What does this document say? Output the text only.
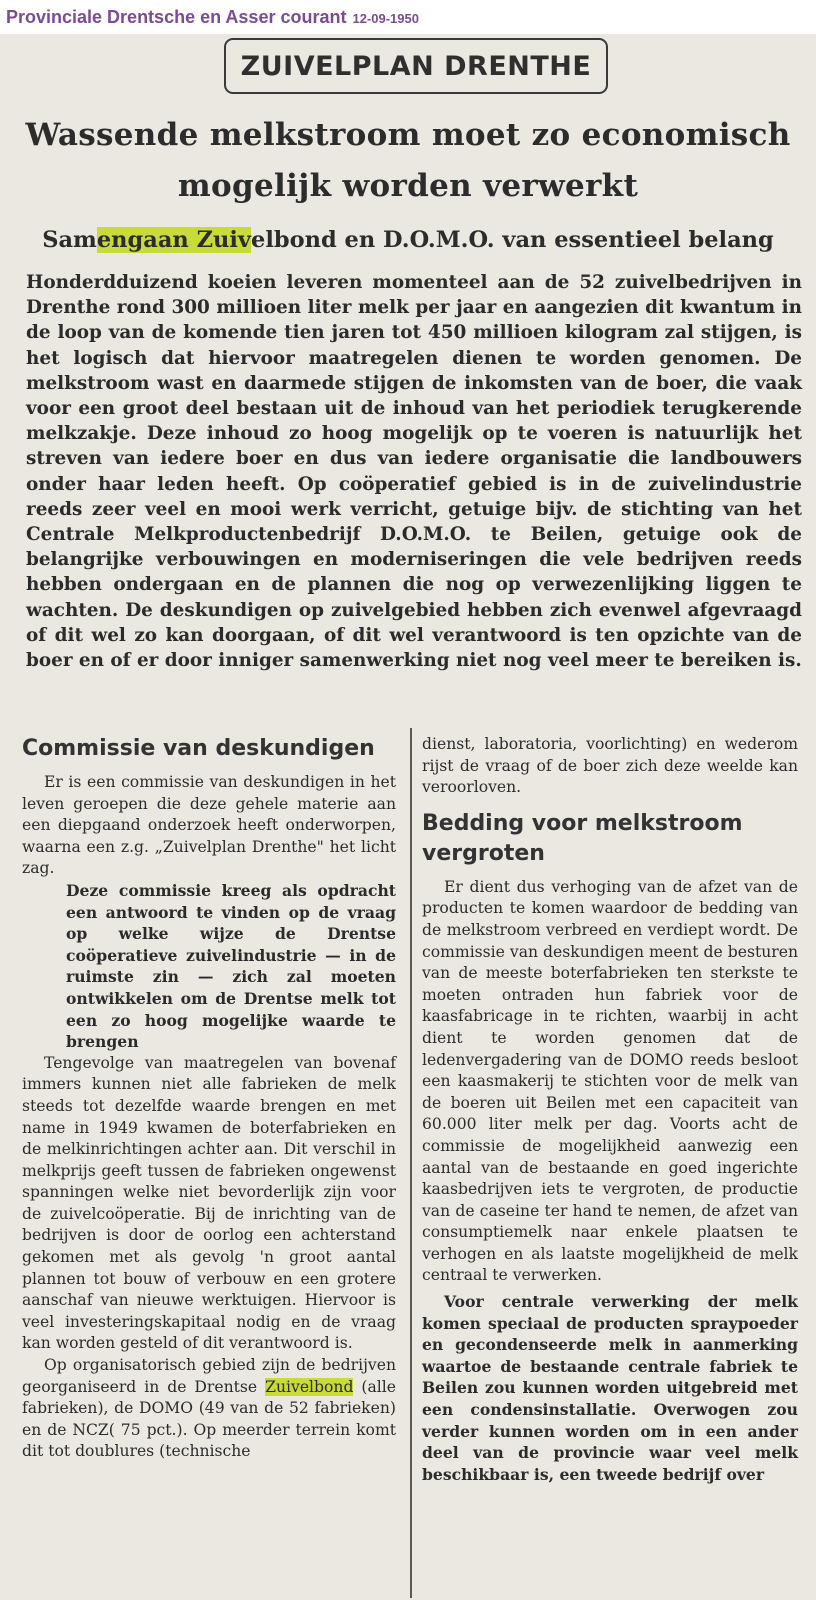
Provinciale Drentsche en Asser courant 12-09-1950
ZUIVELPLAN DRENTHE
Wassende melkstroom moet zo economisch
mogelijk worden verwerkt
Samengaan Zuivelbond en D.O.M.O. van essentieel belang

Honderdduizend koeien leveren momenteel aan de 52 zuivelbedrijven in Drenthe rond 300 millioen liter melk per jaar en aangezien dit kwantum in de loop van de komende tien jaren tot 450 millioen kilogram zal stijgen, is het logisch dat hiervoor maatregelen dienen te worden genomen. De melkstroom wast en daarmede stijgen de inkomsten van de boer, die vaak voor een groot deel bestaan uit de inhoud van het periodiek terugkerende melkzakje. Deze inhoud zo hoog mogelijk op te voeren is natuurlijk het streven van iedere boer en dus van iedere organisatie die landbouwers onder haar leden heeft. Op coöperatief gebied is in de zuivelindustrie reeds zeer veel en mooi werk verricht, getuige bijv. de stichting van het Centrale Melkproductenbedrijf D.O.M.O. te Beilen, getuige ook de belangrijke verbouwingen en moderniseringen die vele bedrijven reeds hebben ondergaan en de plannen die nog op verwezenlijking liggen te wachten. De deskundigen op zuivelgebied hebben zich evenwel afgevraagd of dit wel zo kan doorgaan, of dit wel verantwoord is ten opzichte van de boer en of er door inniger samenwerking niet nog veel meer te bereiken is.

Commissie van deskundigen

Er is een commissie van deskundigen in het leven geroepen die deze gehele materie aan een diepgaand onderzoek heeft onderworpen, waarna een z.g. „Zuivelplan Drenthe" het licht zag.

Deze commissie kreeg als opdracht een antwoord te vinden op de vraag op welke wijze de Drentse coöperatieve zuivelindustrie — in de ruimste zin — zich zal moeten ontwikkelen om de Drentse melk tot een zo hoog mogelijke waarde te brengen

Tengevolge van maatregelen van bovenaf immers kunnen niet alle fabrieken de melk steeds tot dezelfde waarde brengen en met name in 1949 kwamen de boterfabrieken en de melkinrichtingen achter aan. Dit verschil in melkprijs geeft tussen de fabrieken ongewenst spanningen welke niet bevorderlijk zijn voor de zuivelcoöperatie. Bij de inrichting van de bedrijven is door de oorlog een achterstand gekomen met als gevolg 'n groot aantal plannen tot bouw of verbouw en een grotere aanschaf van nieuwe werktuigen. Hiervoor is veel investeringskapitaal nodig en de vraag kan worden gesteld of dit verantwoord is.

Op organisatorisch gebied zijn de bedrijven georganiseerd in de Drentse Zuivelbond (alle fabrieken), de DOMO (49 van de 52 fabrieken) en de NCZ( 75 pct.). Op meerder terrein komt dit tot doublures (technische

dienst, laboratoria, voorlichting) en wederom rijst de vraag of de boer zich deze weelde kan veroorloven.

Bedding voor melkstroom vergroten

Er dient dus verhoging van de afzet van de producten te komen waardoor de bedding van de melkstroom verbreed en verdiept wordt. De commissie van deskundigen meent de besturen van de meeste boterfabrieken ten sterkste te moeten ontraden hun fabriek voor de kaasfabricage in te richten, waarbij in acht dient te worden genomen dat de ledenvergadering van de DOMO reeds besloot een kaasmakerij te stichten voor de melk van de boeren uit Beilen met een capaciteit van 60.000 liter melk per dag. Voorts acht de commissie de mogelijkheid aanwezig een aantal van de bestaande en goed ingerichte kaasbedrijven iets te vergroten, de productie van de caseine ter hand te nemen, de afzet van consumptiemelk naar enkele plaatsen te verhogen en als laatste mogelijkheid de melk centraal te verwerken.

Voor centrale verwerking der melk komen speciaal de producten spraypoeder en gecondenseerde melk in aanmerking waartoe de bestaande centrale fabriek te Beilen zou kunnen worden uitgebreid met een condensinstallatie. Overwogen zou verder kunnen worden om in een ander deel van de provincie waar veel melk beschikbaar is, een tweede bedrijf over
